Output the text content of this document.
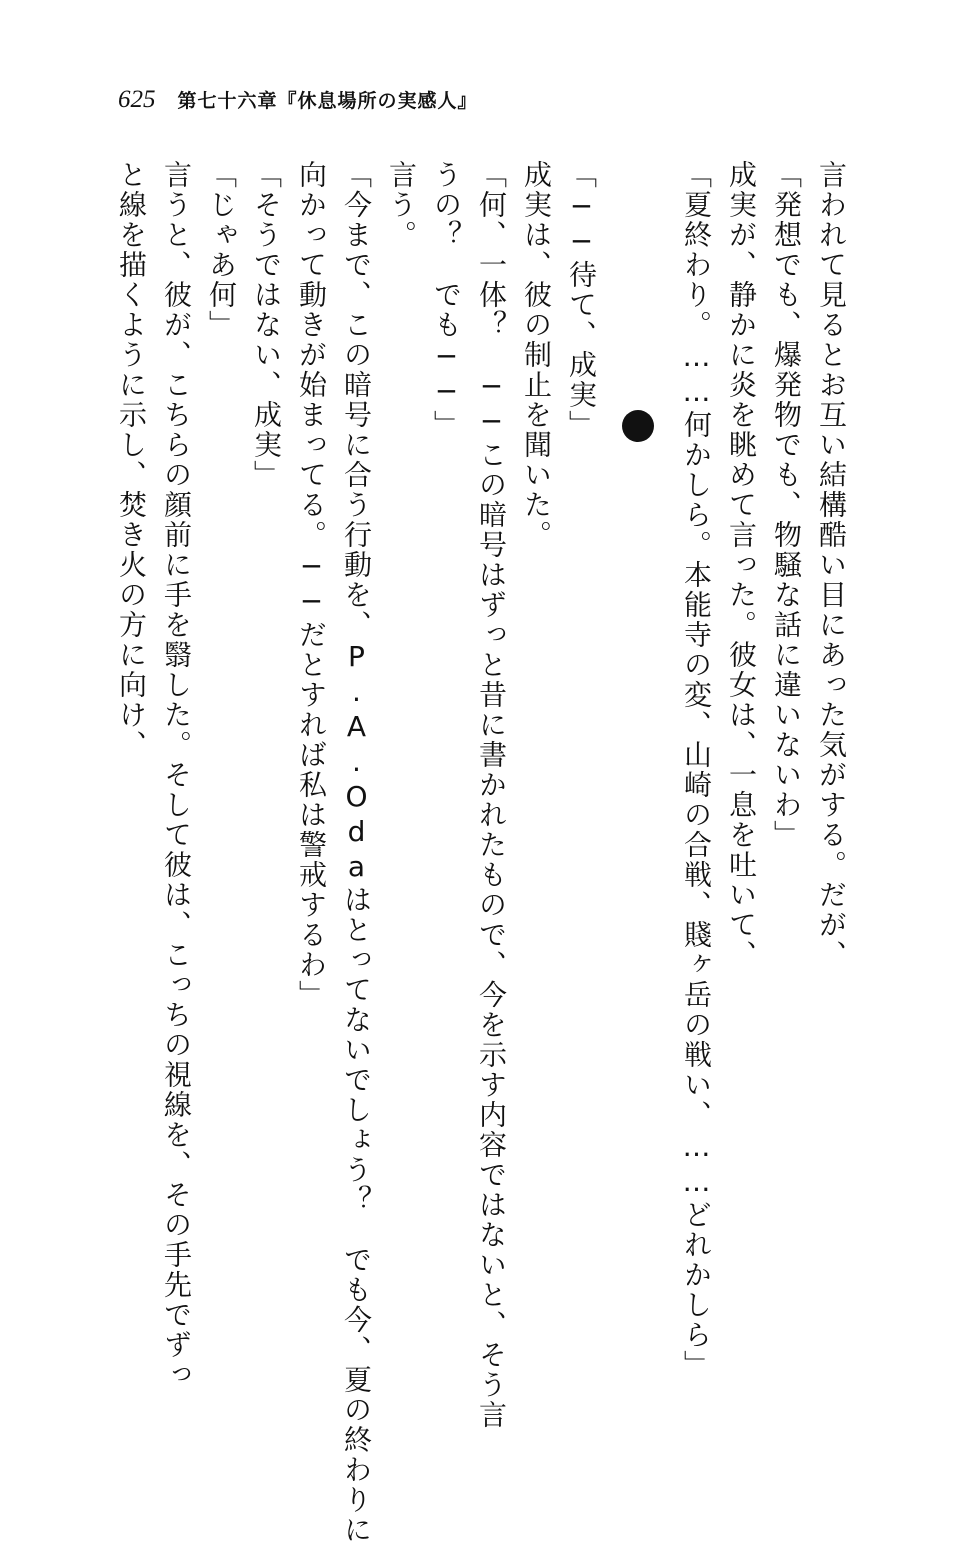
625 第七十六章『休息場所の実感人』
言われて見るとお互い結構酷い目にあった気がする。だが、
「発想でも、爆発物でも、物騒な話に違いないわ」
成実が、静かに炎を眺めて言った。彼女は、一息を吐いて、
「夏終わり。……何かしら。本能寺の変、山崎の合戦、賤ヶ岳の戦い、……どれかしら」
「──待て、成実」
成実は、彼の制止を聞いた。
「何、一体？　──この暗号はずっと昔に書かれたもので、今を示す内容ではないと、そう言
うの？　でも──」
言う。
「今まで、この暗号に合う行動を、P.A.Odaはとってないでしょう？　でも今、夏の終わりに
向かって動きが始まってる。──だとすれば私は警戒するわ」
「そうではない、成実」
「じゃあ何」
言うと、彼が、こちらの顔前に手を翳した。そして彼は、こっちの視線を、その手先でずっ
と線を描くように示し、焚き火の方に向け、
